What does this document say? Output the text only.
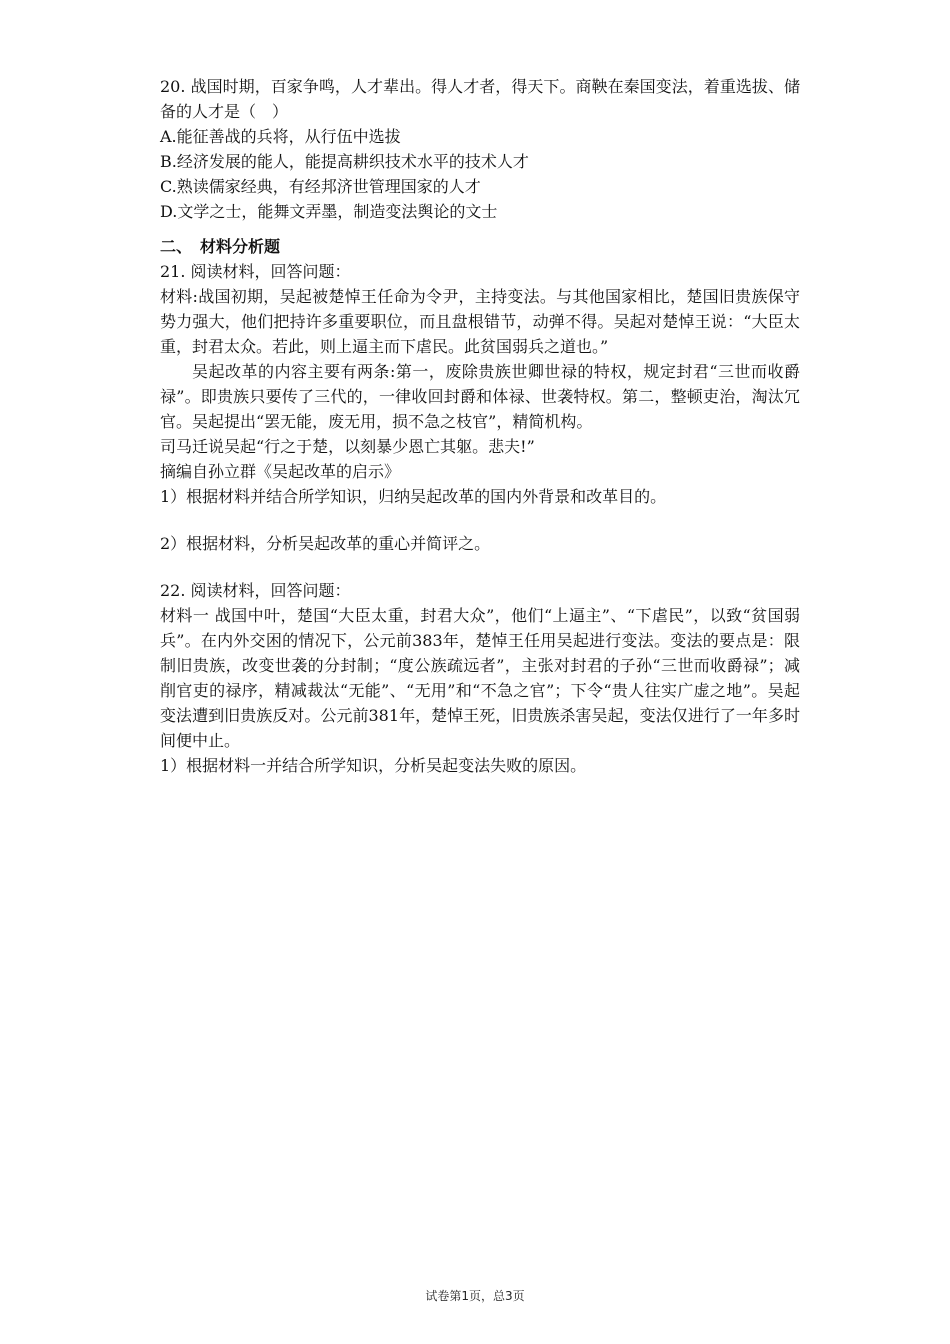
20. 战国时期，百家争鸣，人才辈出。得人才者，得天下。商鞅在秦国变法，着重选拔、储备的人才是（　）
A.能征善战的兵将，从行伍中选拔
B.经济发展的能人，能提高耕织技术水平的技术人才
C.熟读儒家经典，有经邦济世管理国家的人才
D.文学之士，能舞文弄墨，制造变法舆论的文士
二、　材料分析题
21. 阅读材料，回答问题：
材料:战国初期，吴起被楚悼王任命为令尹，主持变法。与其他国家相比，楚国旧贵族保守势力强大，他们把持许多重要职位，而且盘根错节，动弹不得。吴起对楚悼王说：“大臣太重，封君太众。若此，则上逼主而下虐民。此贫国弱兵之道也。”
吴起改革的内容主要有两条:第一，废除贵族世卿世禄的特权，规定封君“三世而收爵　禄”。即贵族只要传了三代的，一律收回封爵和体禄、世袭特权。第二，整顿吏治，淘汰冗官。吴起提出“罢无能，废无用，损不急之枝官”，精简机构。
司马迁说吴起“行之于楚，以刻暴少恩亡其躯。悲夫!”
摘编自孙立群《吴起改革的启示》
1）根据材料并结合所学知识，归纳吴起改革的国内外背景和改革目的。
2）根据材料，分析吴起改革的重心并简评之。
22. 阅读材料，回答问题：
材料一 战国中叶，楚国“大臣太重，封君大众”，他们“上逼主”、“下虐民”，以致“贫国弱兵”。在内外交困的情况下，公元前383年，楚悼王任用吴起进行变法。变法的要点是：限制旧贵族，改变世袭的分封制；“度公族疏远者”，主张对封君的子孙“三世而收爵禄”；减削官吏的禄序，精减裁汰“无能”、“无用”和“不急之官”；下令“贵人往实广虚之地”。吴起变法遭到旧贵族反对。公元前381年，楚悼王死，旧贵族杀害吴起，变法仅进行了一年多时间便中止。
1）根据材料一并结合所学知识，分析吴起变法失败的原因。
试卷第1页，总3页
